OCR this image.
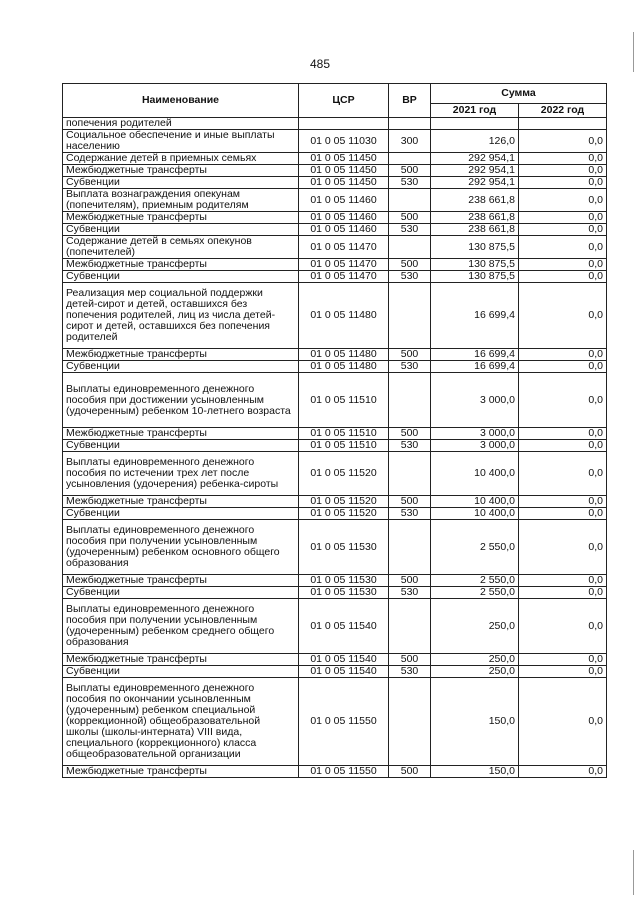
485
Наименование	ЦСР	ВР	Сумма	
			2021 год	2022 год
попечения родителей				
Социальное обеспечение и иные выплаты населению	01 0 05 11030	300	126,0	0,0
Содержание детей в приемных семьях	01 0 05 11450		292 954,1	0,0
Межбюджетные трансферты	01 0 05 11450	500	292 954,1	0,0
Субвенции	01 0 05 11450	530	292 954,1	0,0
Выплата вознаграждения опекунам (попечителям), приемным родителям	01 0 05 11460		238 661,8	0,0
Межбюджетные трансферты	01 0 05 11460	500	238 661,8	0,0
Субвенции	01 0 05 11460	530	238 661,8	0,0
Содержание детей в семьях опекунов (попечителей)	01 0 05 11470		130 875,5	0,0
Межбюджетные трансферты	01 0 05 11470	500	130 875,5	0,0
Субвенции	01 0 05 11470	530	130 875,5	0,0
Реализация мер социальной поддержки детей-сирот и детей, оставшихся без попечения родителей, лиц из числа детей-сирот и детей, оставшихся без попечения родителей	01 0 05 11480		16 699,4	0,0
Межбюджетные трансферты	01 0 05 11480	500	16 699,4	0,0
Субвенции	01 0 05 11480	530	16 699,4	0,0
Выплаты единовременного денежного пособия при достижении усыновленным (удочеренным) ребенком 10-летнего возраста	01 0 05 11510		3 000,0	0,0
Межбюджетные трансферты	01 0 05 11510	500	3 000,0	0,0
Субвенции	01 0 05 11510	530	3 000,0	0,0
Выплаты единовременного денежного пособия по истечении трех лет после усыновления (удочерения) ребенка-сироты	01 0 05 11520		10 400,0	0,0
Межбюджетные трансферты	01 0 05 11520	500	10 400,0	0,0
Субвенции	01 0 05 11520	530	10 400,0	0,0
Выплаты единовременного денежного пособия при получении усыновленным (удочеренным) ребенком основного общего образования	01 0 05 11530		2 550,0	0,0
Межбюджетные трансферты	01 0 05 11530	500	2 550,0	0,0
Субвенции	01 0 05 11530	530	2 550,0	0,0
Выплаты единовременного денежного пособия при получении усыновленным (удочеренным) ребенком среднего общего образования	01 0 05 11540		250,0	0,0
Межбюджетные трансферты	01 0 05 11540	500	250,0	0,0
Субвенции	01 0 05 11540	530	250,0	0,0
Выплаты единовременного денежного пособия по окончании усыновленным (удочеренным) ребенком специальной (коррекционной) общеобразовательной школы (школы-интерната) VIII вида, специального (коррекционного) класса общеобразовательной организации	01 0 05 11550		150,0	0,0
Межбюджетные трансферты	01 0 05 11550	500	150,0	0,0
